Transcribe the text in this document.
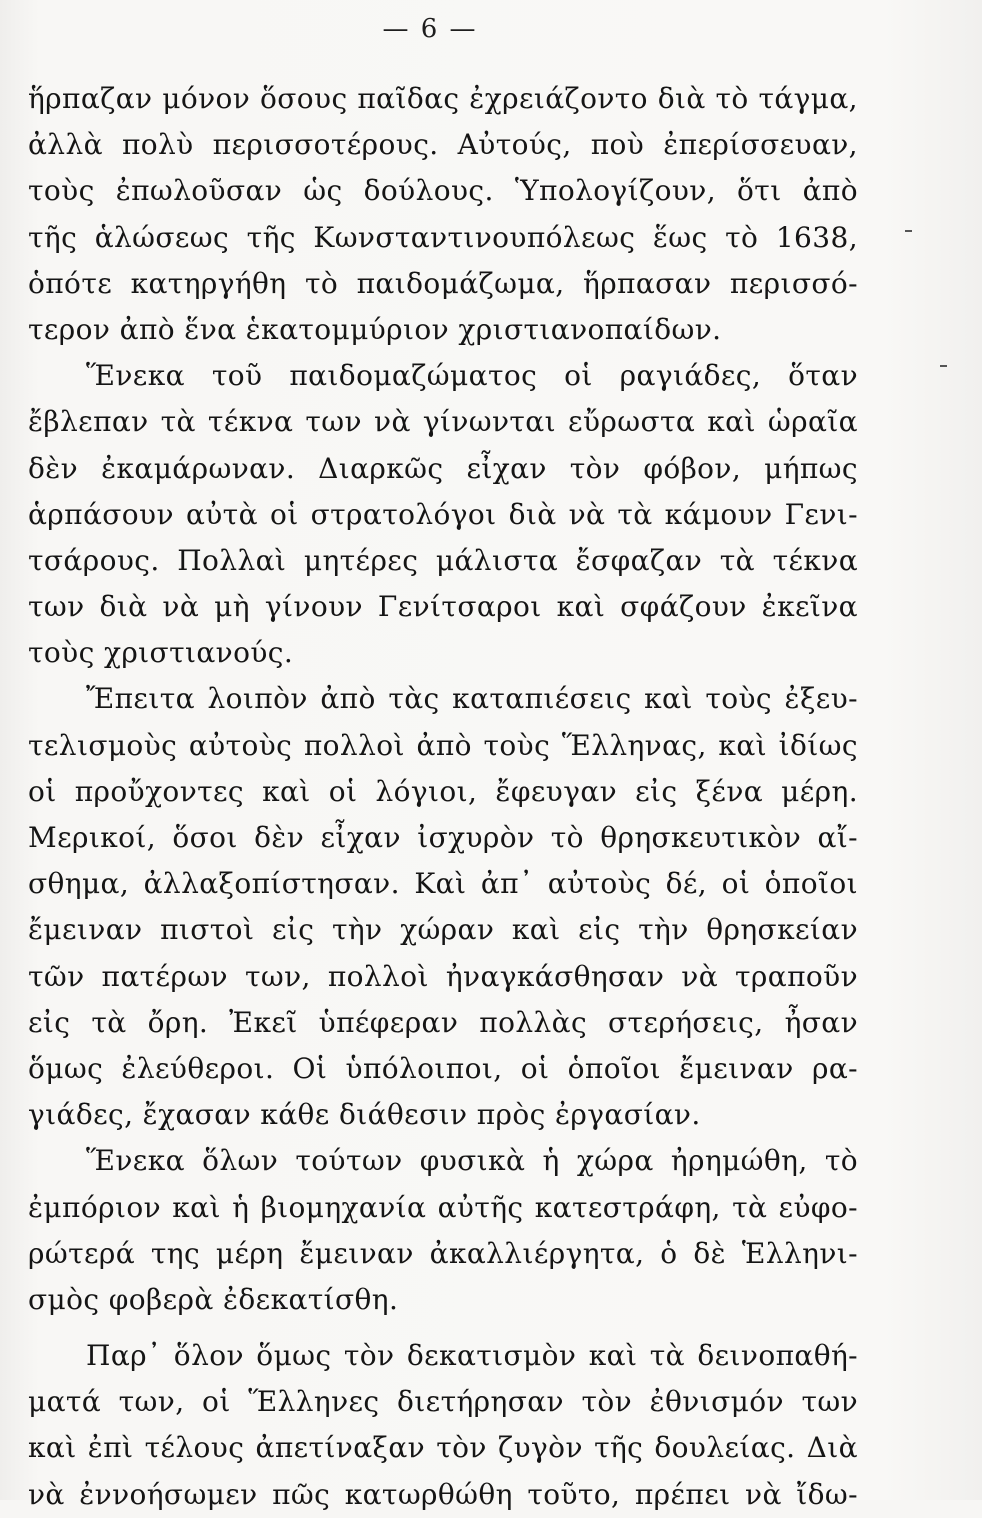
— 6 —
ἥρπαζαν μόνον ὅσους παῖδας ἐχρειάζοντο διὰ τὸ τάγμα,
ἀλλὰ πολὺ περισσοτέρους. Αὐτούς, ποὺ ἐπερίσσευαν,
τοὺς ἐπωλοῦσαν ὡς δούλους. Ὑπολογίζουν, ὅτι ἀπὸ
τῆς ἁλώσεως τῆς Κωνσταντινουπόλεως ἕως τὸ 1638,
ὁπότε κατηργήθη τὸ παιδομάζωμα, ἥρπασαν περισσό-
τερον ἀπὸ ἕνα ἑκατομμύριον χριστιανοπαίδων.
Ἕνεκα τοῦ παιδομαζώματος οἱ ραγιάδες, ὅταν
ἔβλεπαν τὰ τέκνα των νὰ γίνωνται εὔρωστα καὶ ὡραῖα
δὲν ἐκαμάρωναν. Διαρκῶς εἶχαν τὸν φόβον, μήπως
ἁρπάσουν αὐτὰ οἱ στρατολόγοι διὰ νὰ τὰ κάμουν Γενι-
τσάρους. Πολλαὶ μητέρες μάλιστα ἔσφαζαν τὰ τέκνα
των διὰ νὰ μὴ γίνουν Γενίτσαροι καὶ σφάζουν ἐκεῖνα
τοὺς χριστιανούς.
Ἔπειτα λοιπὸν ἀπὸ τὰς καταπιέσεις καὶ τοὺς ἐξευ-
τελισμοὺς αὐτοὺς πολλοὶ ἀπὸ τοὺς Ἕλληνας, καὶ ἰδίως
οἱ προὔχοντες καὶ οἱ λόγιοι, ἔφευγαν εἰς ξένα μέρη.
Μερικοί, ὅσοι δὲν εἶχαν ἰσχυρὸν τὸ θρησκευτικὸν αἴ-
σθημα, ἀλλαξοπίστησαν. Καὶ ἀπ᾽ αὐτοὺς δέ, οἱ ὁποῖοι
ἔμειναν πιστοὶ εἰς τὴν χώραν καὶ εἰς τὴν θρησκείαν
τῶν πατέρων των, πολλοὶ ἠναγκάσθησαν νὰ τραποῦν
εἰς τὰ ὄρη. Ἐκεῖ ὑπέφεραν πολλὰς στερήσεις, ἦσαν
ὅμως ἐλεύθεροι. Οἱ ὑπόλοιποι, οἱ ὁποῖοι ἔμειναν ρα-
γιάδες, ἔχασαν κάθε διάθεσιν πρὸς ἐργασίαν.
Ἕνεκα ὅλων τούτων φυσικὰ ἡ χώρα ἠρημώθη, τὸ
ἐμπόριον καὶ ἡ βιομηχανία αὐτῆς κατεστράφη, τὰ εὐφο-
ρώτερά της μέρη ἔμειναν ἀκαλλιέργητα, ὁ δὲ Ἑλληνι-
σμὸς φοβερὰ ἐδεκατίσθη.
Παρ᾽ ὅλον ὅμως τὸν δεκατισμὸν καὶ τὰ δεινοπαθή-
ματά των, οἱ Ἕλληνες διετήρησαν τὸν ἐθνισμόν των
καὶ ἐπὶ τέλους ἀπετίναξαν τὸν ζυγὸν τῆς δουλείας. Διὰ
νὰ ἐννοήσωμεν πῶς κατωρθώθη τοῦτο, πρέπει νὰ ἴδω-
